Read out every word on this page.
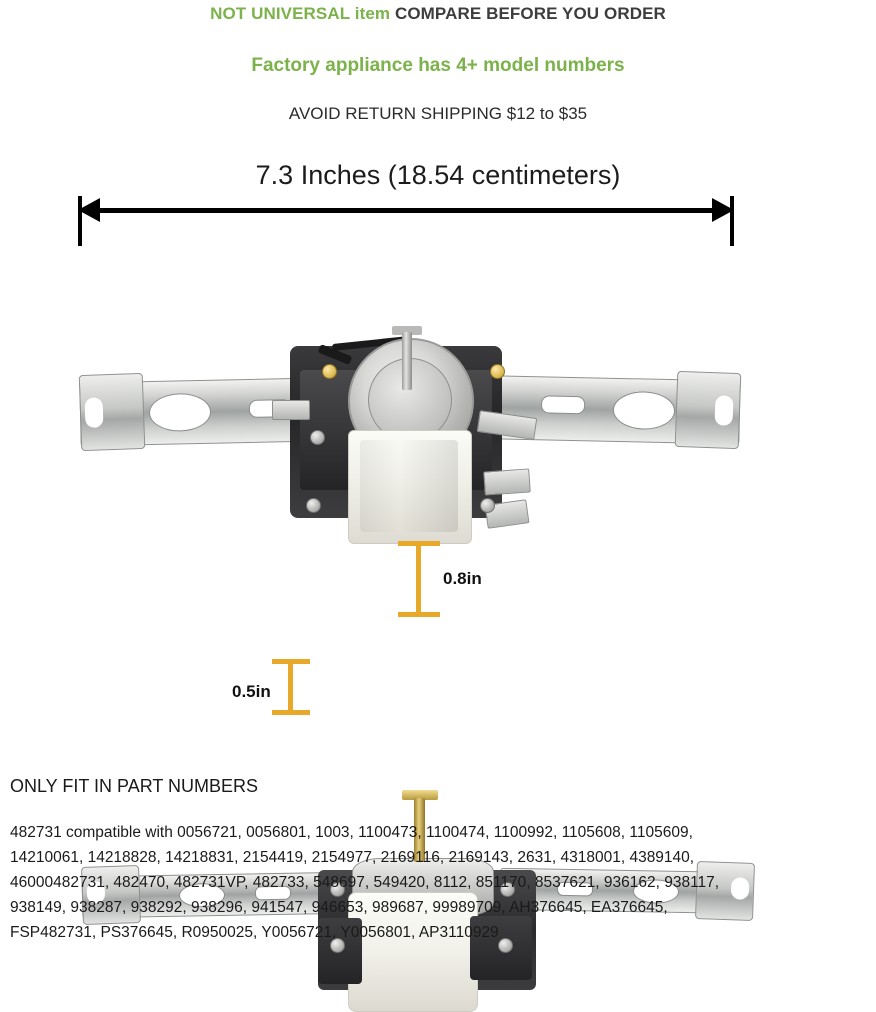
NOT UNIVERSAL item COMPARE BEFORE YOU ORDER
Factory appliance has 4+ model numbers
AVOID RETURN SHIPPING $12 to $35
7.3 Inches (18.54 centimeters)
0.8in
0.5in
ONLY FIT IN PART NUMBERS
482731 compatible with 0056721, 0056801, 1003, 1100473, 1100474, 1100992, 1105608, 1105609,
14210061, 14218828, 14218831, 2154419, 2154977, 2169116, 2169143, 2631, 4318001, 4389140,
46000482731, 482470, 482731VP, 482733, 548697, 549420, 8112, 851170, 8537621, 936162, 938117,
938149, 938287, 938292, 938296, 941547, 946653, 989687, 99989709, AH376645, EA376645,
FSP482731, PS376645, R0950025, Y0056721, Y0056801, AP3110929
